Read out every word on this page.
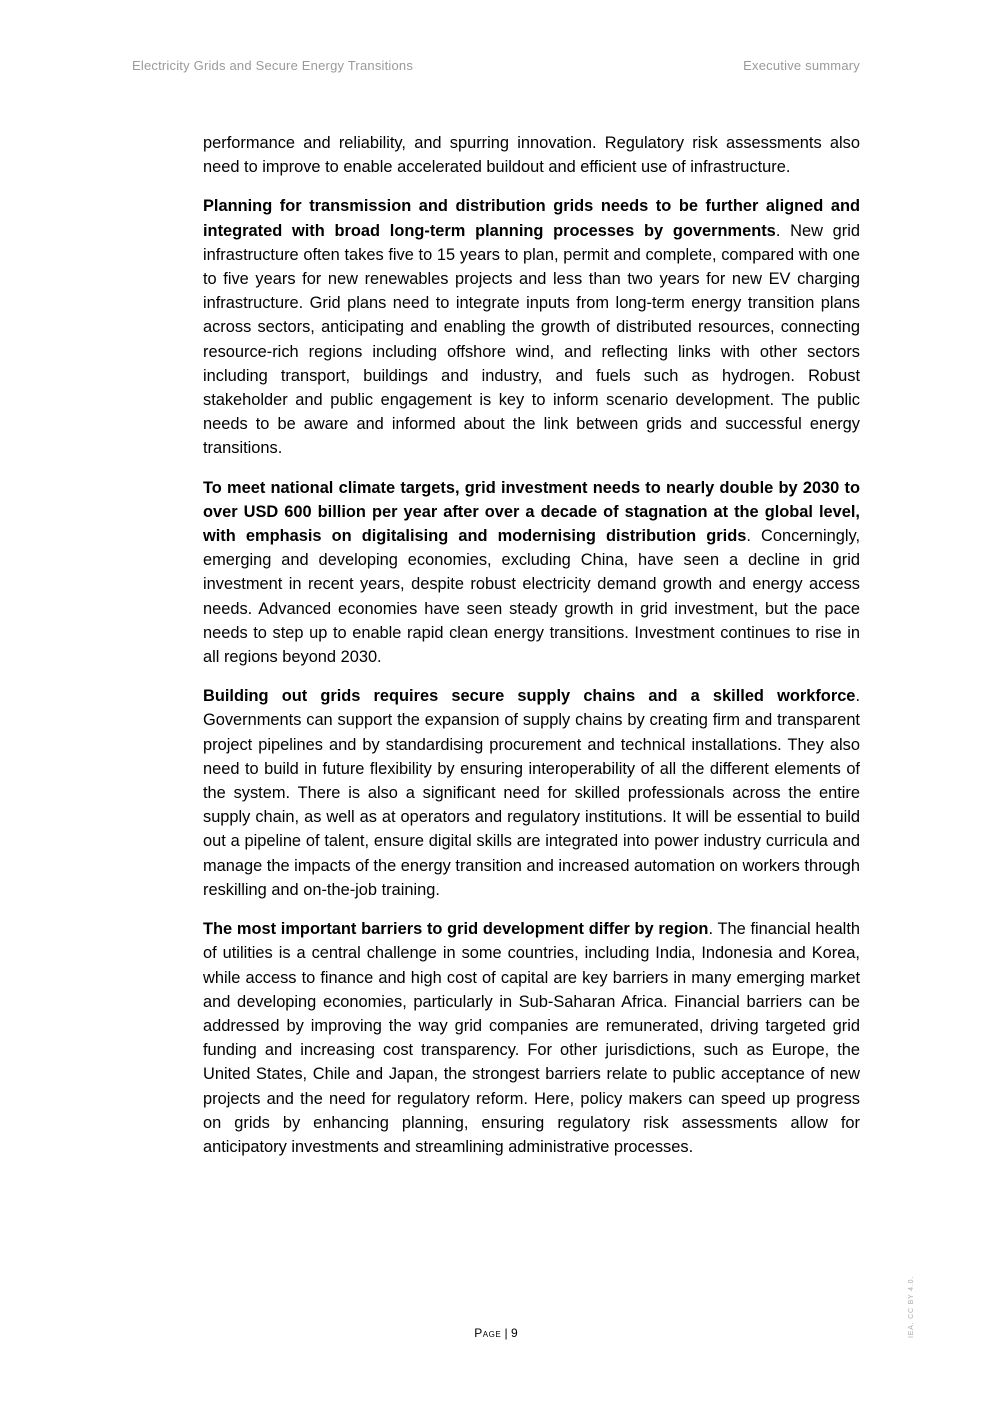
Electricity Grids and Secure Energy Transitions	Executive summary

performance and reliability, and spurring innovation. Regulatory risk assessments also need to improve to enable accelerated buildout and efficient use of infrastructure.

Planning for transmission and distribution grids needs to be further aligned and integrated with broad long-term planning processes by governments. New grid infrastructure often takes five to 15 years to plan, permit and complete, compared with one to five years for new renewables projects and less than two years for new EV charging infrastructure. Grid plans need to integrate inputs from long-term energy transition plans across sectors, anticipating and enabling the growth of distributed resources, connecting resource-rich regions including offshore wind, and reflecting links with other sectors including transport, buildings and industry, and fuels such as hydrogen. Robust stakeholder and public engagement is key to inform scenario development. The public needs to be aware and informed about the link between grids and successful energy transitions.

To meet national climate targets, grid investment needs to nearly double by 2030 to over USD 600 billion per year after over a decade of stagnation at the global level, with emphasis on digitalising and modernising distribution grids. Concerningly, emerging and developing economies, excluding China, have seen a decline in grid investment in recent years, despite robust electricity demand growth and energy access needs. Advanced economies have seen steady growth in grid investment, but the pace needs to step up to enable rapid clean energy transitions. Investment continues to rise in all regions beyond 2030.

Building out grids requires secure supply chains and a skilled workforce. Governments can support the expansion of supply chains by creating firm and transparent project pipelines and by standardising procurement and technical installations. They also need to build in future flexibility by ensuring interoperability of all the different elements of the system. There is also a significant need for skilled professionals across the entire supply chain, as well as at operators and regulatory institutions. It will be essential to build out a pipeline of talent, ensure digital skills are integrated into power industry curricula and manage the impacts of the energy transition and increased automation on workers through reskilling and on-the-job training.

The most important barriers to grid development differ by region. The financial health of utilities is a central challenge in some countries, including India, Indonesia and Korea, while access to finance and high cost of capital are key barriers in many emerging market and developing economies, particularly in Sub-Saharan Africa. Financial barriers can be addressed by improving the way grid companies are remunerated, driving targeted grid funding and increasing cost transparency. For other jurisdictions, such as Europe, the United States, Chile and Japan, the strongest barriers relate to public acceptance of new projects and the need for regulatory reform. Here, policy makers can speed up progress on grids by enhancing planning, ensuring regulatory risk assessments allow for anticipatory investments and streamlining administrative processes.

Page | 9	IEA. CC BY 4.0.
